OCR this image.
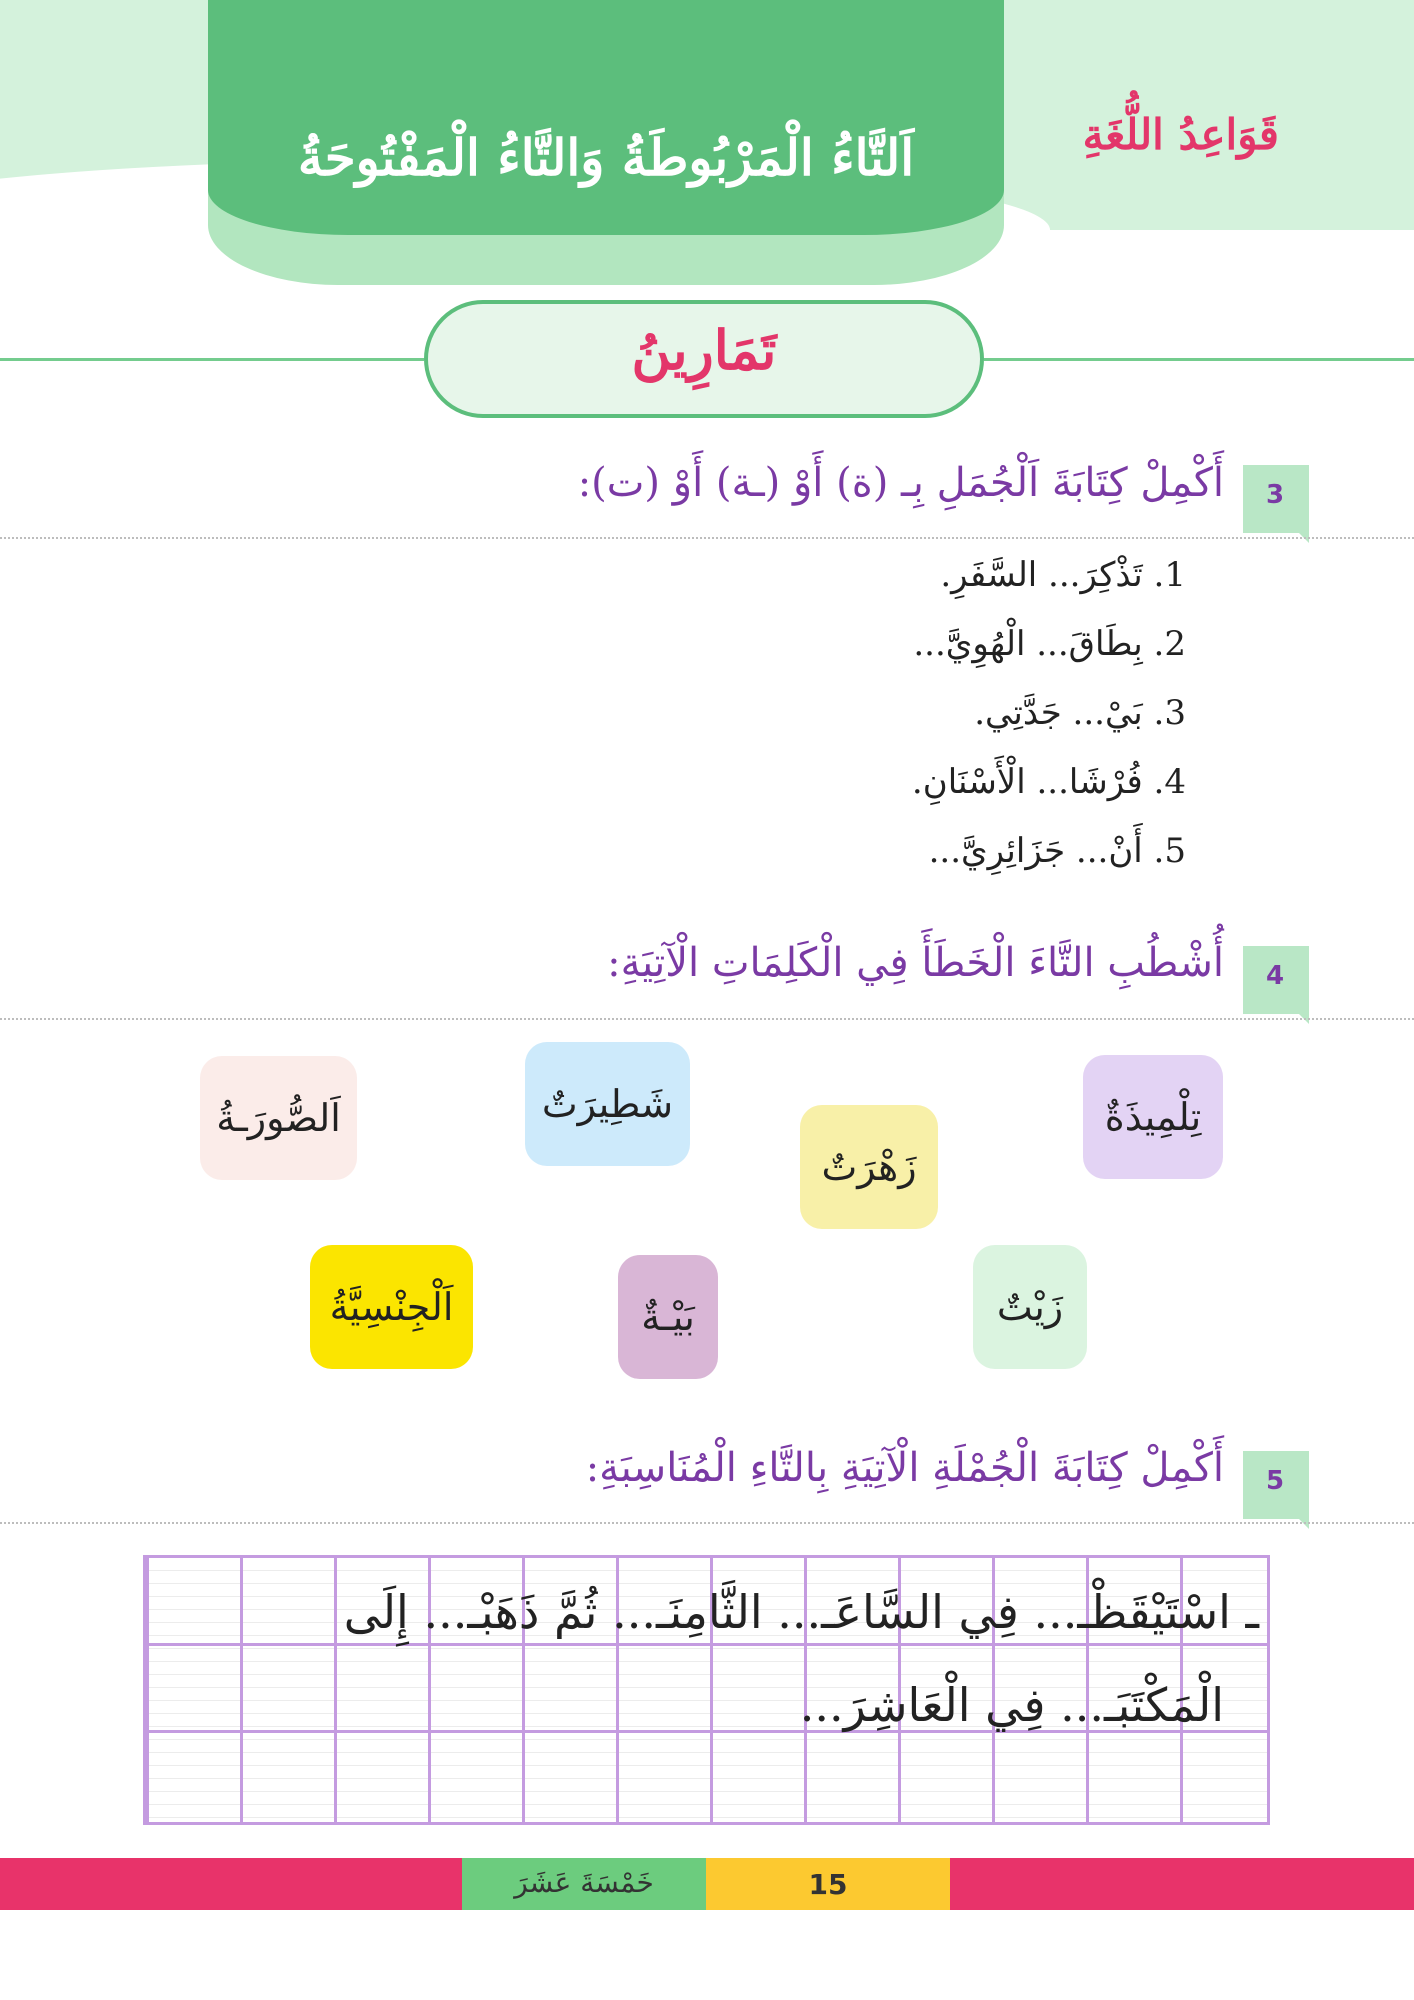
اَلتَّاءُ الْمَرْبُوطَةُ وَالتَّاءُ الْمَفْتُوحَةُ	قَوَاعِدُ اللُّغَةِ
تَمَارِينُ
3
أَكْمِلْ كِتَابَةَ اَلْجُمَلِ بِـ (ة) أَوْ (ـة) أَوْ (ت):
1. تَذْكِرَ... السَّفَرِ.
2. بِطَاقَ... الْهُوِيَّ...
3. بَيْ... جَدَّتِي.
4. فُرْشَا... الْأَسْنَانِ.
5. أَنْ... جَزَائِرِيَّ...
4
أُشْطُبِ التَّاءَ الْخَطَأَ فِي الْكَلِمَاتِ الْآتِيَةِ:
تِلْمِيذَةٌ
شَطِيرَتٌ
اَلصُّورَـةُ
زَهْرَتٌ
زَيْتٌ
بَيْـةٌ
اَلْجِنْسِيَّةُ
5
أَكْمِلْ كِتَابَةَ الْجُمْلَةِ الْآتِيَةِ بِالتَّاءِ الْمُنَاسِبَةِ:
ـ اسْتَيْقَظْـ... فِي السَّاعَـ... الثَّامِنَـ... ثُمَّ ذَهَبْـ... إِلَى
الْمَكْتَبَـ... فِي الْعَاشِرَ...
خَمْسَةَ عَشَرَ	15
